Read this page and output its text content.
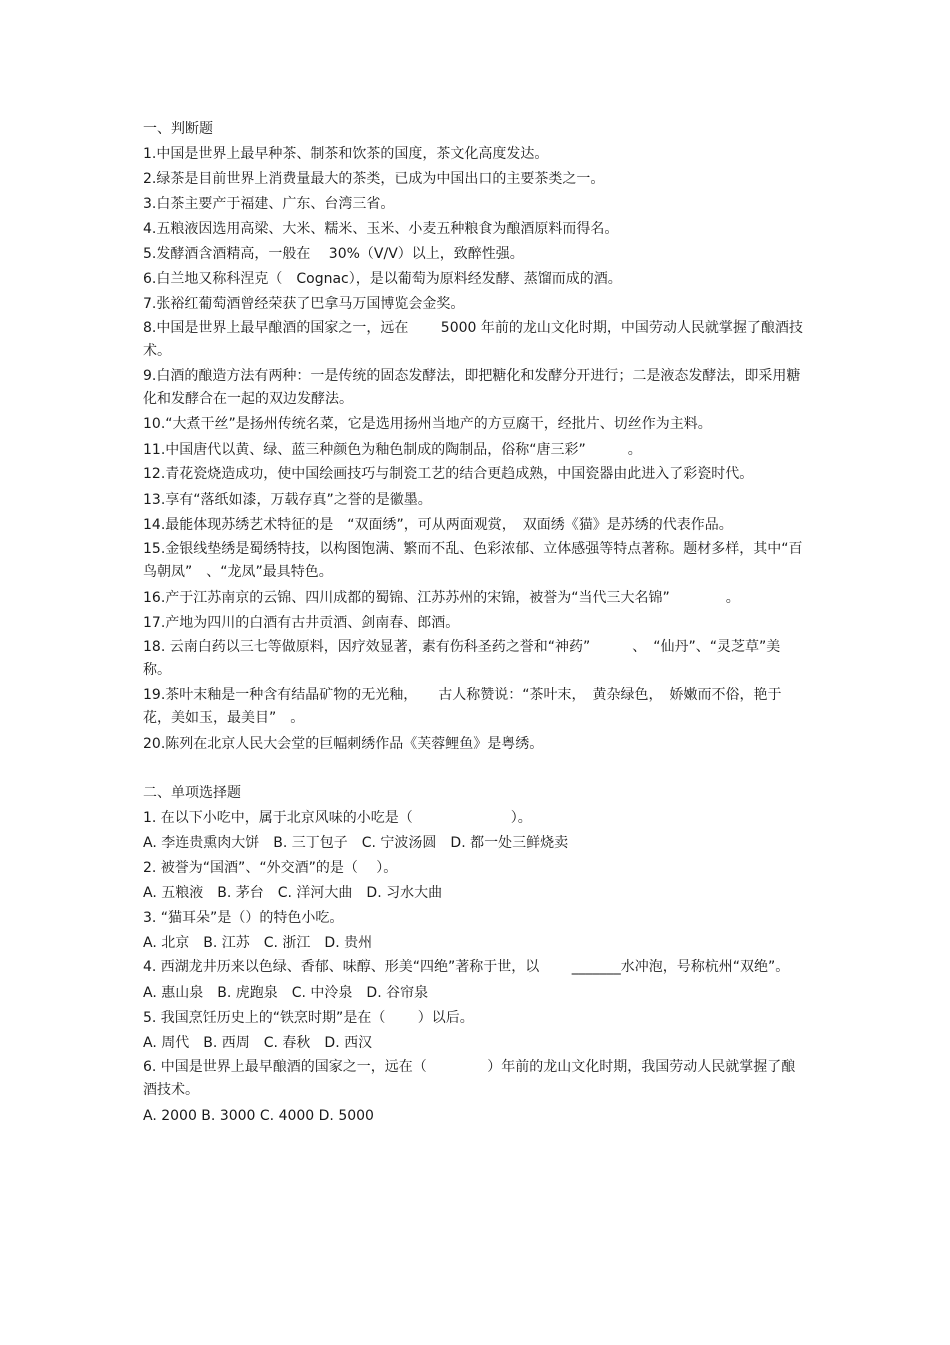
一、判断题

1.中国是世界上最早种茶、制茶和饮茶的国度，茶文化高度发达。

2.绿茶是目前世界上消费量最大的茶类，已成为中国出口的主要茶类之一。

3.白茶主要产于福建、广东、台湾三省。

4.五粮液因选用高梁、大米、糯米、玉米、小麦五种粮食为酿酒原料而得名。

5.发酵酒含酒精高，一般在　 30%（V/V）以上，致醉性强。

6.白兰地又称科涅克（　Cognac），是以葡萄为原料经发酵、蒸馏而成的酒。

7.张裕红葡萄酒曾经荣获了巴拿马万国博览会金奖。

8.中国是世界上最早酿酒的国家之一，远在　　 5000 年前的龙山文化时期，中国劳动人民就掌握了酿酒技术。

9.白酒的酿造方法有两种：一是传统的固态发酵法，即把糖化和发酵分开进行；二是液态发酵法，即采用糖化和发酵合在一起的双边发酵法。

10.“大煮干丝”是扬州传统名菜，它是选用扬州当地产的方豆腐干，经批片、切丝作为主料。

11.中国唐代以黄、绿、蓝三种颜色为釉色制成的陶制品，俗称“唐三彩”　　　。

12.青花瓷烧造成功，使中国绘画技巧与制瓷工艺的结合更趋成熟，中国瓷器由此进入了彩瓷时代。

13.享有“落纸如漆，万载存真”之誉的是徽墨。

14.最能体现苏绣艺术特征的是　“双面绣”，可从两面观赏，　双面绣《猫》是苏绣的代表作品。

15.金银线垫绣是蜀绣特技，以构图饱满、繁而不乱、色彩浓郁、立体感强等特点著称。题材多样，其中“百鸟朝凤”　、“龙凤”最具特色。

16.产于江苏南京的云锦、四川成都的蜀锦、江苏苏州的宋锦，被誉为“当代三大名锦”　　　　。

17.产地为四川的白酒有古井贡酒、剑南春、郎酒。

18. 云南白药以三七等做原料，因疗效显著，素有伤科圣药之誉和“神药”　　　、　“仙丹”、“灵芝草”美称。

19.茶叶末釉是一种含有结晶矿物的无光釉，　　古人称赞说：“茶叶末，　黄杂绿色，　娇嫩而不俗，艳于花，美如玉，最美目”　。

20.陈列在北京人民大会堂的巨幅刺绣作品《芙蓉鲤鱼》是粤绣。

二、单项选择题

1. 在以下小吃中，属于北京风味的小吃是（　　　　　　　）。

A. 李连贵熏肉大饼　B. 三丁包子　C. 宁波汤圆　D. 都一处三鲜烧卖

2. 被誉为“国酒”、“外交酒”的是（　 ）。

A. 五粮液　B. 茅台　C. 洋河大曲　D. 习水大曲

3. “猫耳朵”是（）的特色小吃。

A. 北京　B. 江苏　C. 浙江　D. 贵州

4. 西湖龙井历来以色绿、香郁、味醇、形美“四绝”著称于世，以　　 _______水冲泡，号称杭州“双绝”。

A. 惠山泉　B. 虎跑泉　C. 中泠泉　D. 谷帘泉

5. 我国烹饪历史上的“铁烹时期”是在（　　 ）以后。

A. 周代　B. 西周　C. 春秋　D. 西汉

6. 中国是世界上最早酿酒的国家之一，远在（　　　　 ）年前的龙山文化时期，我国劳动人民就掌握了酿酒技术。

A. 2000 B. 3000 C. 4000 D. 5000
